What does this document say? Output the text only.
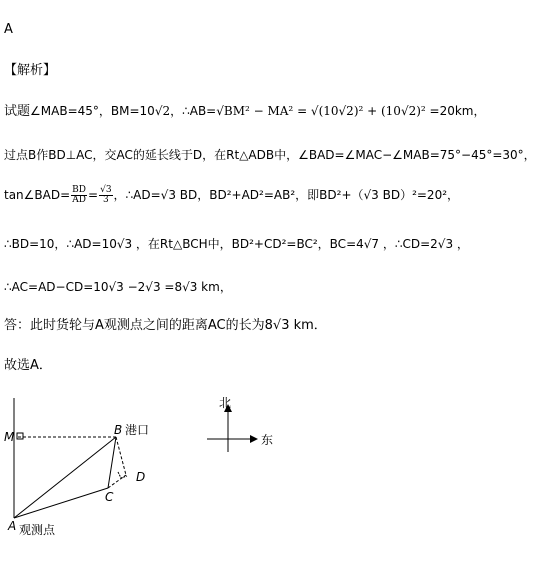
A
【解析】
试题∠MAB=45°，BM=10√2，∴AB=√BM² − MA² = √(10√2)² + (10√2)² =20km，
过点B作BD⊥AC，交AC的延长线于D，在Rt△ADB中，∠BAD=∠MAC−∠MAB=75°−45°=30°，
tan∠BAD= $\frac{BD}{AD} = \frac{√3}{3}$ ，∴AD=√3 BD，BD²+AD²=AB²，即BD²+（√3 BD）²=20²，
∴BD=10，∴AD=10√3 ，在Rt△BCH中，BD²+CD²=BC²，BC=4√7 ，∴CD=2√3 ，
∴AC=AD−CD=10√3 −2√3 =8√3 km，
答：此时货轮与A观测点之间的距离AC的长为8√3 km．
故选A．
M	B 港口
D
C
A 观测点
北
东
